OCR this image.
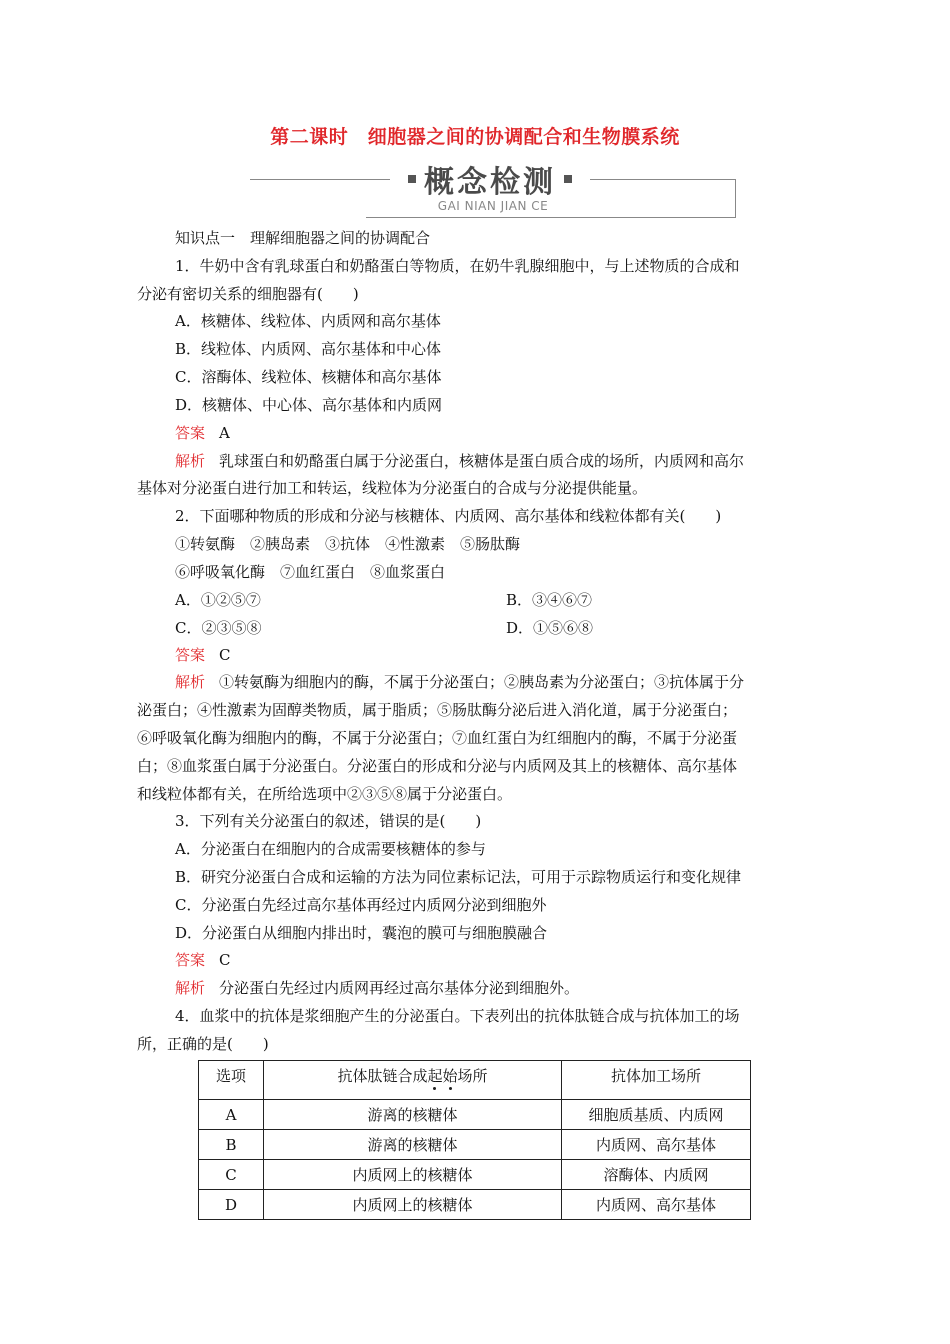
第二课时　细胞器之间的协调配合和生物膜系统
概念检测
GAI NIAN JIAN CE
知识点一　理解细胞器之间的协调配合
1．牛奶中含有乳球蛋白和奶酪蛋白等物质，在奶牛乳腺细胞中，与上述物质的合成和
分泌有密切关系的细胞器有(　　)
A．核糖体、线粒体、内质网和高尔基体
B．线粒体、内质网、高尔基体和中心体
C．溶酶体、线粒体、核糖体和高尔基体
D．核糖体、中心体、高尔基体和内质网
答案 A
解析 乳球蛋白和奶酪蛋白属于分泌蛋白，核糖体是蛋白质合成的场所，内质网和高尔
基体对分泌蛋白进行加工和转运，线粒体为分泌蛋白的合成与分泌提供能量。
2．下面哪种物质的形成和分泌与核糖体、内质网、高尔基体和线粒体都有关(　　)
①转氨酶　②胰岛素　③抗体　④性激素　⑤肠肽酶
⑥呼吸氧化酶　⑦血红蛋白　⑧血浆蛋白
A．①②⑤⑦	B．③④⑥⑦
C．②③⑤⑧	D．①⑤⑥⑧
答案 C
解析 ①转氨酶为细胞内的酶，不属于分泌蛋白；②胰岛素为分泌蛋白；③抗体属于分
泌蛋白；④性激素为固醇类物质，属于脂质；⑤肠肽酶分泌后进入消化道，属于分泌蛋白；
⑥呼吸氧化酶为细胞内的酶，不属于分泌蛋白；⑦血红蛋白为红细胞内的酶，不属于分泌蛋
白；⑧血浆蛋白属于分泌蛋白。分泌蛋白的形成和分泌与内质网及其上的核糖体、高尔基体
和线粒体都有关，在所给选项中②③⑤⑧属于分泌蛋白。
3．下列有关分泌蛋白的叙述，错误的是(　　)
A．分泌蛋白在细胞内的合成需要核糖体的参与
B．研究分泌蛋白合成和运输的方法为同位素标记法，可用于示踪物质运行和变化规律
C．分泌蛋白先经过高尔基体再经过内质网分泌到细胞外
D．分泌蛋白从细胞内排出时，囊泡的膜可与细胞膜融合
答案 C
解析 分泌蛋白先经过内质网再经过高尔基体分泌到细胞外。
4．血浆中的抗体是浆细胞产生的分泌蛋白。下表列出的抗体肽链合成与抗体加工的场
所，正确的是(　　)
选项	抗体肽链合成起始场所	抗体加工场所
A	游离的核糖体	细胞质基质、内质网
B	游离的核糖体	内质网、高尔基体
C	内质网上的核糖体	溶酶体、内质网
D	内质网上的核糖体	内质网、高尔基体
